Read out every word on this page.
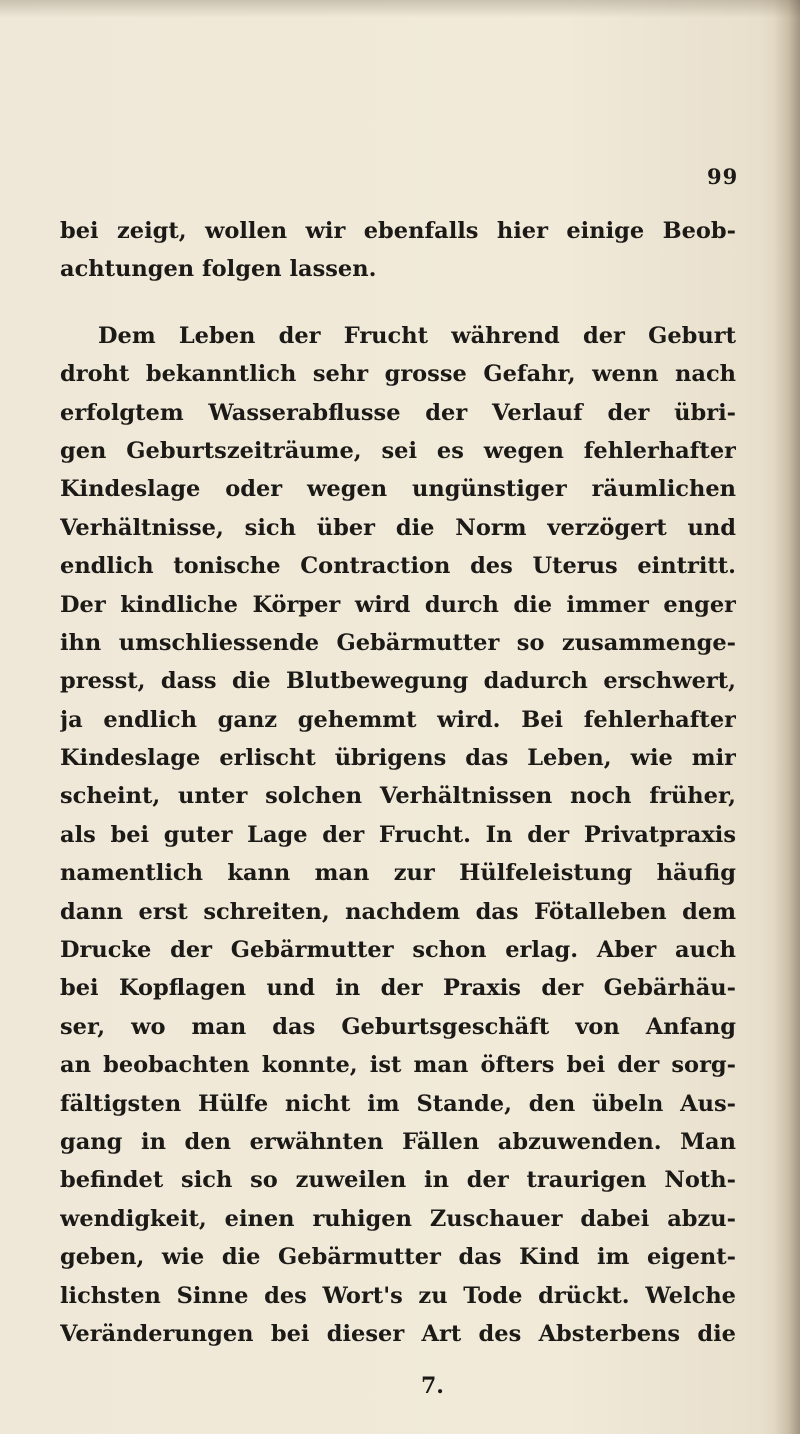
99
bei zeigt, wollen wir ebenfalls hier einige Beob-
achtungen folgen lassen.
Dem Leben der Frucht während der Geburt
droht bekanntlich sehr grosse Gefahr, wenn nach
erfolgtem Wasserabflusse der Verlauf der übri-
gen Geburtszeiträume, sei es wegen fehlerhafter
Kindeslage oder wegen ungünstiger räumlichen
Verhältnisse, sich über die Norm verzögert und
endlich tonische Contraction des Uterus eintritt.
Der kindliche Körper wird durch die immer enger
ihn umschliessende Gebärmutter so zusammenge-
presst, dass die Blutbewegung dadurch erschwert,
ja endlich ganz gehemmt wird. Bei fehlerhafter
Kindeslage erlischt übrigens das Leben, wie mir
scheint, unter solchen Verhältnissen noch früher,
als bei guter Lage der Frucht. In der Privatpraxis
namentlich kann man zur Hülfeleistung häufig
dann erst schreiten, nachdem das Fötalleben dem
Drucke der Gebärmutter schon erlag. Aber auch
bei Kopflagen und in der Praxis der Gebärhäu-
ser, wo man das Geburtsgeschäft von Anfang
an beobachten konnte, ist man öfters bei der sorg-
fältigsten Hülfe nicht im Stande, den übeln Aus-
gang in den erwähnten Fällen abzuwenden. Man
befindet sich so zuweilen in der traurigen Noth-
wendigkeit, einen ruhigen Zuschauer dabei abzu-
geben, wie die Gebärmutter das Kind im eigent-
lichsten Sinne des Wort's zu Tode drückt. Welche
Veränderungen bei dieser Art des Absterbens die
7.
